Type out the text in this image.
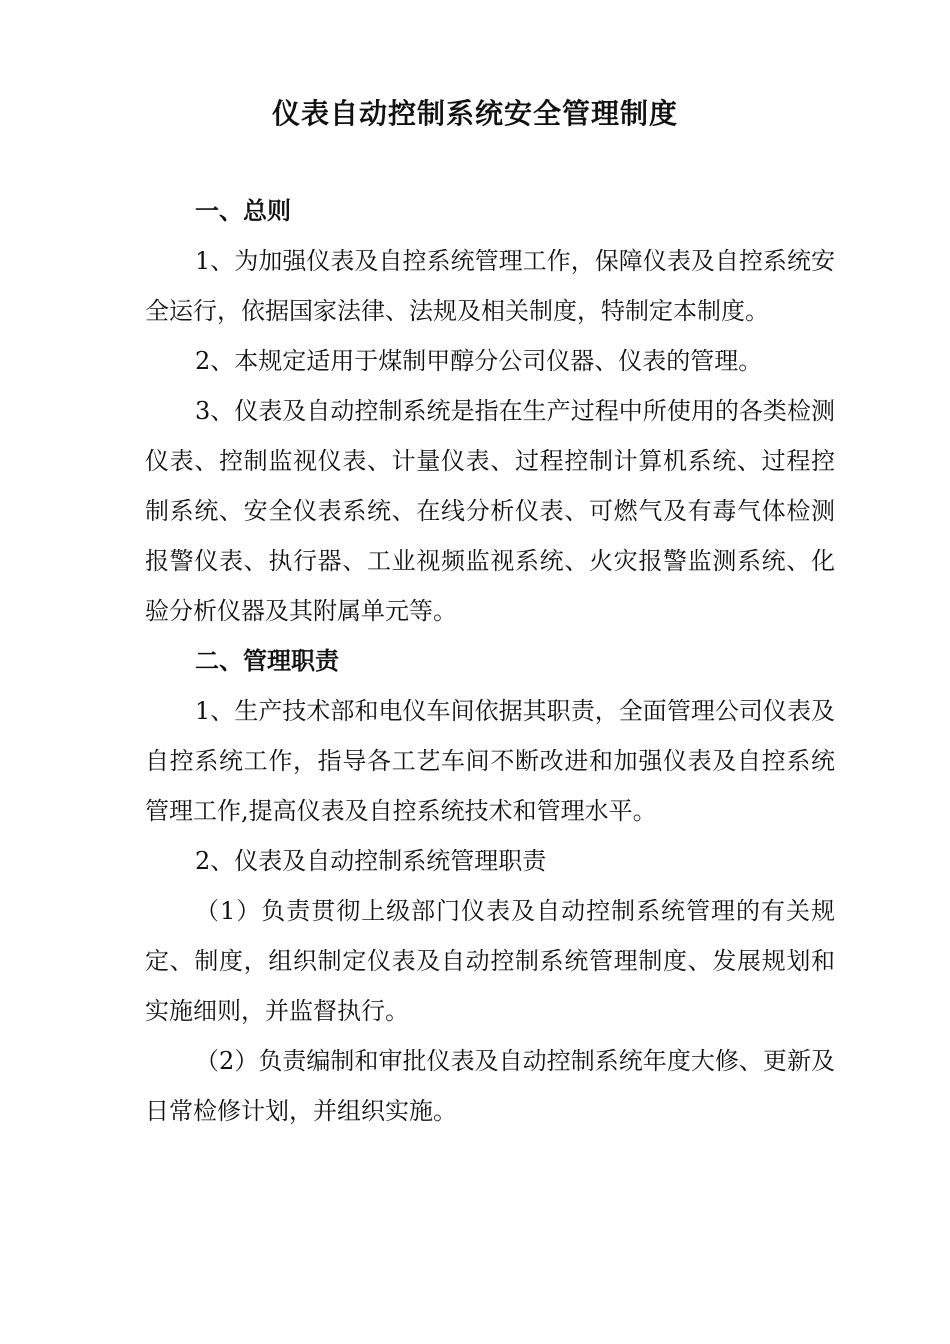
仪表自动控制系统安全管理制度

一、总则

1、为加强仪表及自控系统管理工作，保障仪表及自控系统安全运行，依据国家法律、法规及相关制度，特制定本制度。

2、本规定适用于煤制甲醇分公司仪器、仪表的管理。

3、仪表及自动控制系统是指在生产过程中所使用的各类检测仪表、控制监视仪表、计量仪表、过程控制计算机系统、过程控制系统、安全仪表系统、在线分析仪表、可燃气及有毒气体检测报警仪表、执行器、工业视频监视系统、火灾报警监测系统、化验分析仪器及其附属单元等。

二、管理职责

1、生产技术部和电仪车间依据其职责，全面管理公司仪表及自控系统工作，指导各工艺车间不断改进和加强仪表及自控系统管理工作,提高仪表及自控系统技术和管理水平。

2、仪表及自动控制系统管理职责

（1）负责贯彻上级部门仪表及自动控制系统管理的有关规定、制度，组织制定仪表及自动控制系统管理制度、发展规划和实施细则，并监督执行。

（2）负责编制和审批仪表及自动控制系统年度大修、更新及日常检修计划，并组织实施。
